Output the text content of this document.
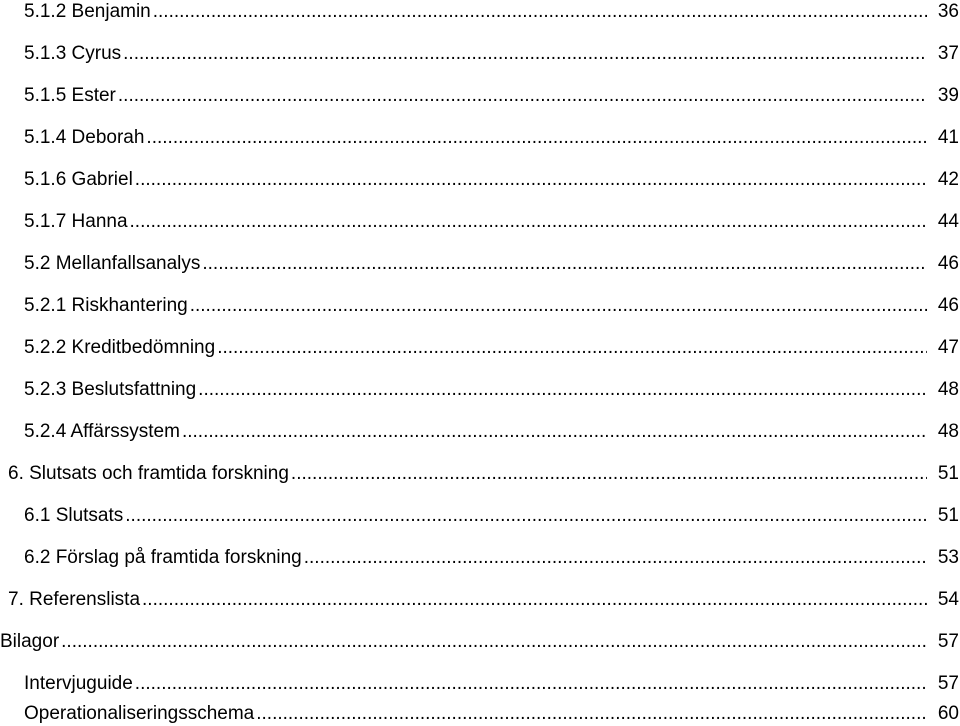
5.1.2 Benjamin .....	36
5.1.3 Cyrus .....	37
5.1.5 Ester .....	39
5.1.4 Deborah .....	41
5.1.6 Gabriel .....	42
5.1.7 Hanna .....	44
5.2 Mellanfallsanalys .....	46
5.2.1 Riskhantering .....	46
5.2.2 Kreditbedömning .....	47
5.2.3 Beslutsfattning .....	48
5.2.4 Affärssystem .....	48
6. Slutsats och framtida forskning .....	51
6.1 Slutsats .....	51
6.2 Förslag på framtida forskning .....	53
7. Referenslista .....	54
Bilagor .....	57
Intervjuguide .....	57
Operationaliseringsschema .....	60
